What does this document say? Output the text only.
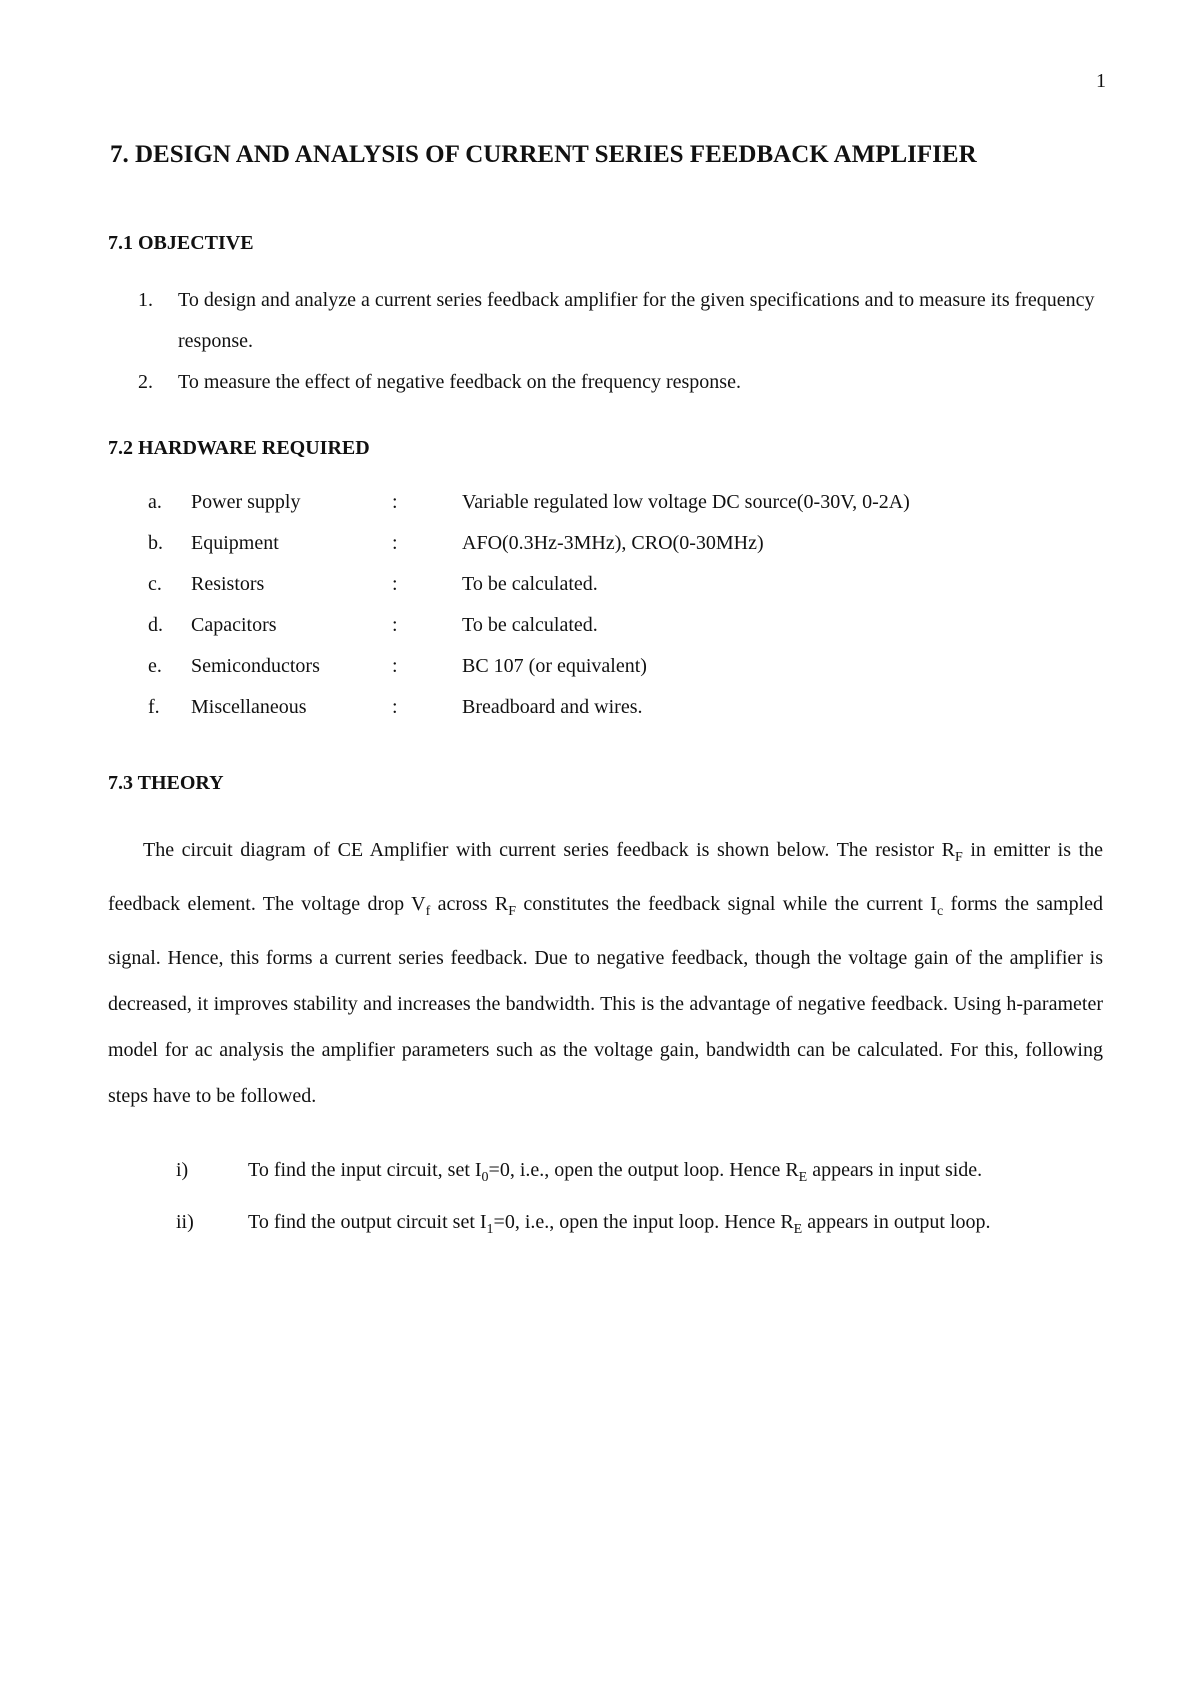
1
7. DESIGN AND ANALYSIS OF CURRENT SERIES FEEDBACK AMPLIFIER
7.1 OBJECTIVE
1. To design and analyze a current series feedback amplifier for the given specifications and to measure its frequency response.
2. To measure the effect of negative feedback on the frequency response.
7.2 HARDWARE REQUIRED
a. Power supply	:	Variable regulated low voltage DC source(0-30V, 0-2A)
b. Equipment	:	AFO(0.3Hz-3MHz), CRO(0-30MHz)
c. Resistors	:	To be calculated.
d. Capacitors	:	To be calculated.
e. Semiconductors	:	BC 107 (or equivalent)
f. Miscellaneous	:	Breadboard and wires.
7.3 THEORY

The circuit diagram of CE Amplifier with current series feedback is shown below. The resistor $R_F$ in emitter is the feedback element. The voltage drop $V_f$ across $R_F$ constitutes the feedback signal while the current $I_c$ forms the sampled signal. Hence, this forms a current series feedback. Due to negative feedback, though the voltage gain of the amplifier is decreased, it improves stability and increases the bandwidth. This is the advantage of negative feedback. Using h-parameter model for ac analysis the amplifier parameters such as the voltage gain, bandwidth can be calculated. For this, following steps have to be followed.

i)	To find the input circuit, set $I_0=0$, i.e., open the output loop. Hence $R_E$ appears in input side.
ii)	To find the output circuit set $I_1=0$, i.e., open the input loop. Hence $R_E$ appears in output loop.
